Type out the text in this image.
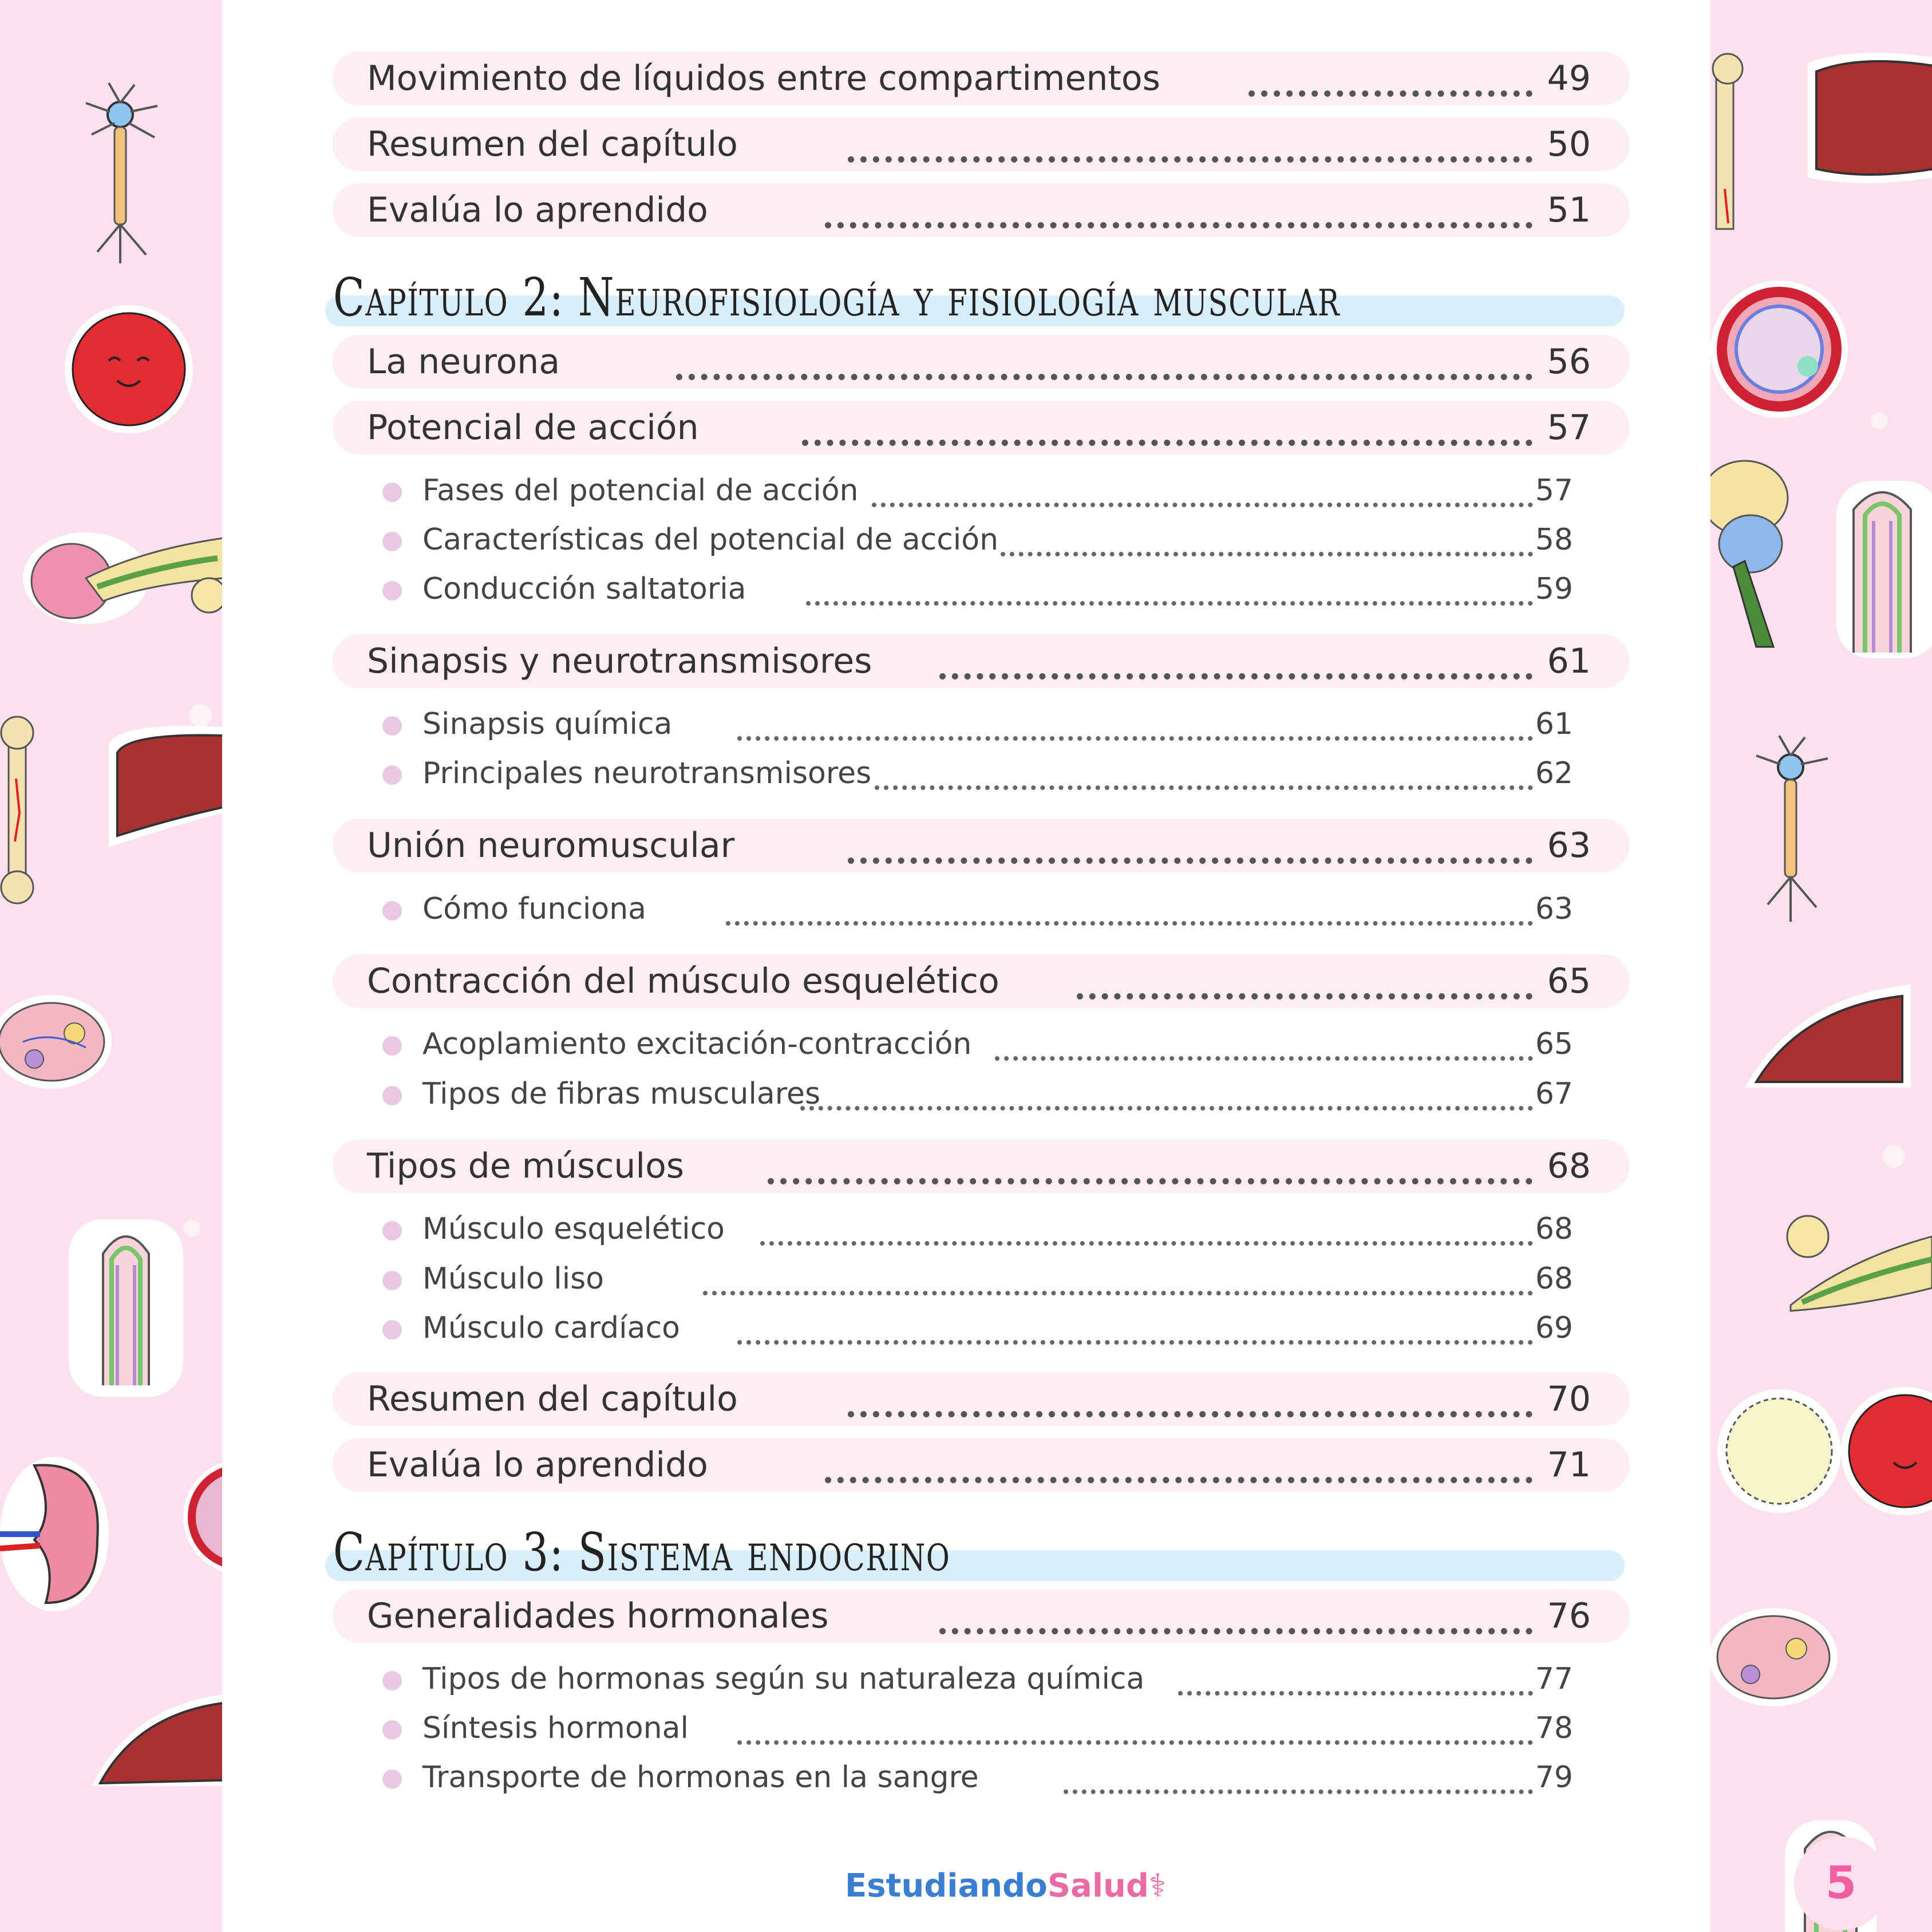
Movimiento de líquidos entre compartimentos	49
Resumen del capítulo	50
Evalúa lo aprendido	51
Capítulo 2: Neurofisiología y fisiología muscular
La neurona	56
Potencial de acción	57
Fases del potencial de acción	57
Características del potencial de acción	58
Conducción saltatoria	59
Sinapsis y neurotransmisores	61
Sinapsis química	61
Principales neurotransmisores	62
Unión neuromuscular	63
Cómo funciona	63
Contracción del músculo esquelético	65
Acoplamiento excitación-contracción	65
Tipos de fibras musculares	67
Tipos de músculos	68
Músculo esquelético	68
Músculo liso	68
Músculo cardíaco	69
Resumen del capítulo	70
Evalúa lo aprendido	71
Capítulo 3: Sistema endocrino
Generalidades hormonales	76
Tipos de hormonas según su naturaleza química	77
Síntesis hormonal	78
Transporte de hormonas en la sangre	79
EstudiandoSalud⚕	5
